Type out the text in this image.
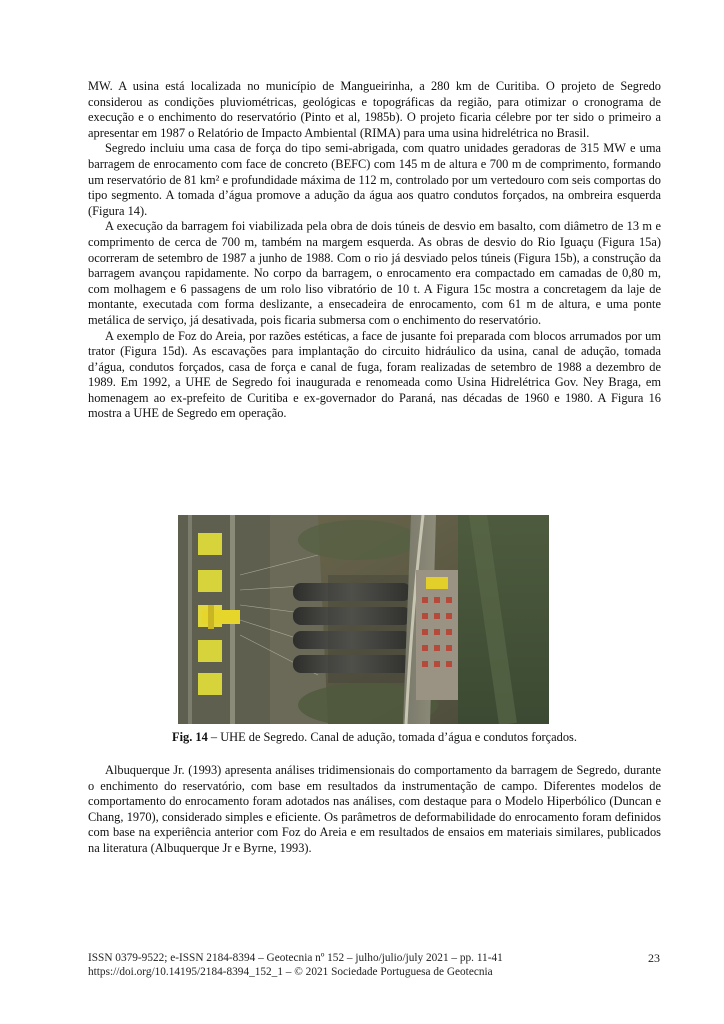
MW. A usina está localizada no município de Mangueirinha, a 280 km de Curitiba. O projeto de Segredo considerou as condições pluviométricas, geológicas e topográficas da região, para otimizar o cronograma de execução e o enchimento do reservatório (Pinto et al, 1985b). O projeto ficaria célebre por ter sido o primeiro a apresentar em 1987 o Relatório de Impacto Ambiental (RIMA) para uma usina hidrelétrica no Brasil.

Segredo incluiu uma casa de força do tipo semi-abrigada, com quatro unidades geradoras de 315 MW e uma barragem de enrocamento com face de concreto (BEFC) com 145 m de altura e 700 m de comprimento, formando um reservatório de 81 km² e profundidade máxima de 112 m, controlado por um vertedouro com seis comportas do tipo segmento. A tomada d’água promove a adução da água aos quatro condutos forçados, na ombreira esquerda (Figura 14).

A execução da barragem foi viabilizada pela obra de dois túneis de desvio em basalto, com diâmetro de 13 m e comprimento de cerca de 700 m, também na margem esquerda. As obras de desvio do Rio Iguaçu (Figura 15a) ocorreram de setembro de 1987 a junho de 1988. Com o rio já desviado pelos túneis (Figura 15b), a construção da barragem avançou rapidamente. No corpo da barragem, o enrocamento era compactado em camadas de 0,80 m, com molhagem e 6 passagens de um rolo liso vibratório de 10 t. A Figura 15c mostra a concretagem da laje de montante, executada com forma deslizante, a ensecadeira de enrocamento, com 61 m de altura, e uma ponte metálica de serviço, já desativada, pois ficaria submersa com o enchimento do reservatório.

A exemplo de Foz do Areia, por razões estéticas, a face de jusante foi preparada com blocos arrumados por um trator (Figura 15d). As escavações para implantação do circuito hidráulico da usina, canal de adução, tomada d’água, condutos forçados, casa de força e canal de fuga, foram realizadas de setembro de 1988 a dezembro de 1989. Em 1992, a UHE de Segredo foi inaugurada e renomeada como Usina Hidrelétrica Gov. Ney Braga, em homenagem ao ex-prefeito de Curitiba e ex-governador do Paraná, nas décadas de 1960 e 1980. A Figura 16 mostra a UHE de Segredo em operação.

Fig. 14 – UHE de Segredo. Canal de adução, tomada d’água e condutos forçados.

Albuquerque Jr. (1993) apresenta análises tridimensionais do comportamento da barragem de Segredo, durante o enchimento do reservatório, com base em resultados da instrumentação de campo. Diferentes modelos de comportamento do enrocamento foram adotados nas análises, com destaque para o Modelo Hiperbólico (Duncan e Chang, 1970), considerado simples e eficiente. Os parâmetros de deformabilidade do enrocamento foram definidos com base na experiência anterior com Foz do Areia e em resultados de ensaios em materiais similares, publicados na literatura (Albuquerque Jr e Byrne, 1993).

ISSN 0379-9522; e-ISSN 2184-8394 – Geotecnia nº 152 – julho/julio/july 2021 – pp. 11-41
https://doi.org/10.14195/2184-8394_152_1 – © 2021 Sociedade Portuguesa de Geotecnia
23
